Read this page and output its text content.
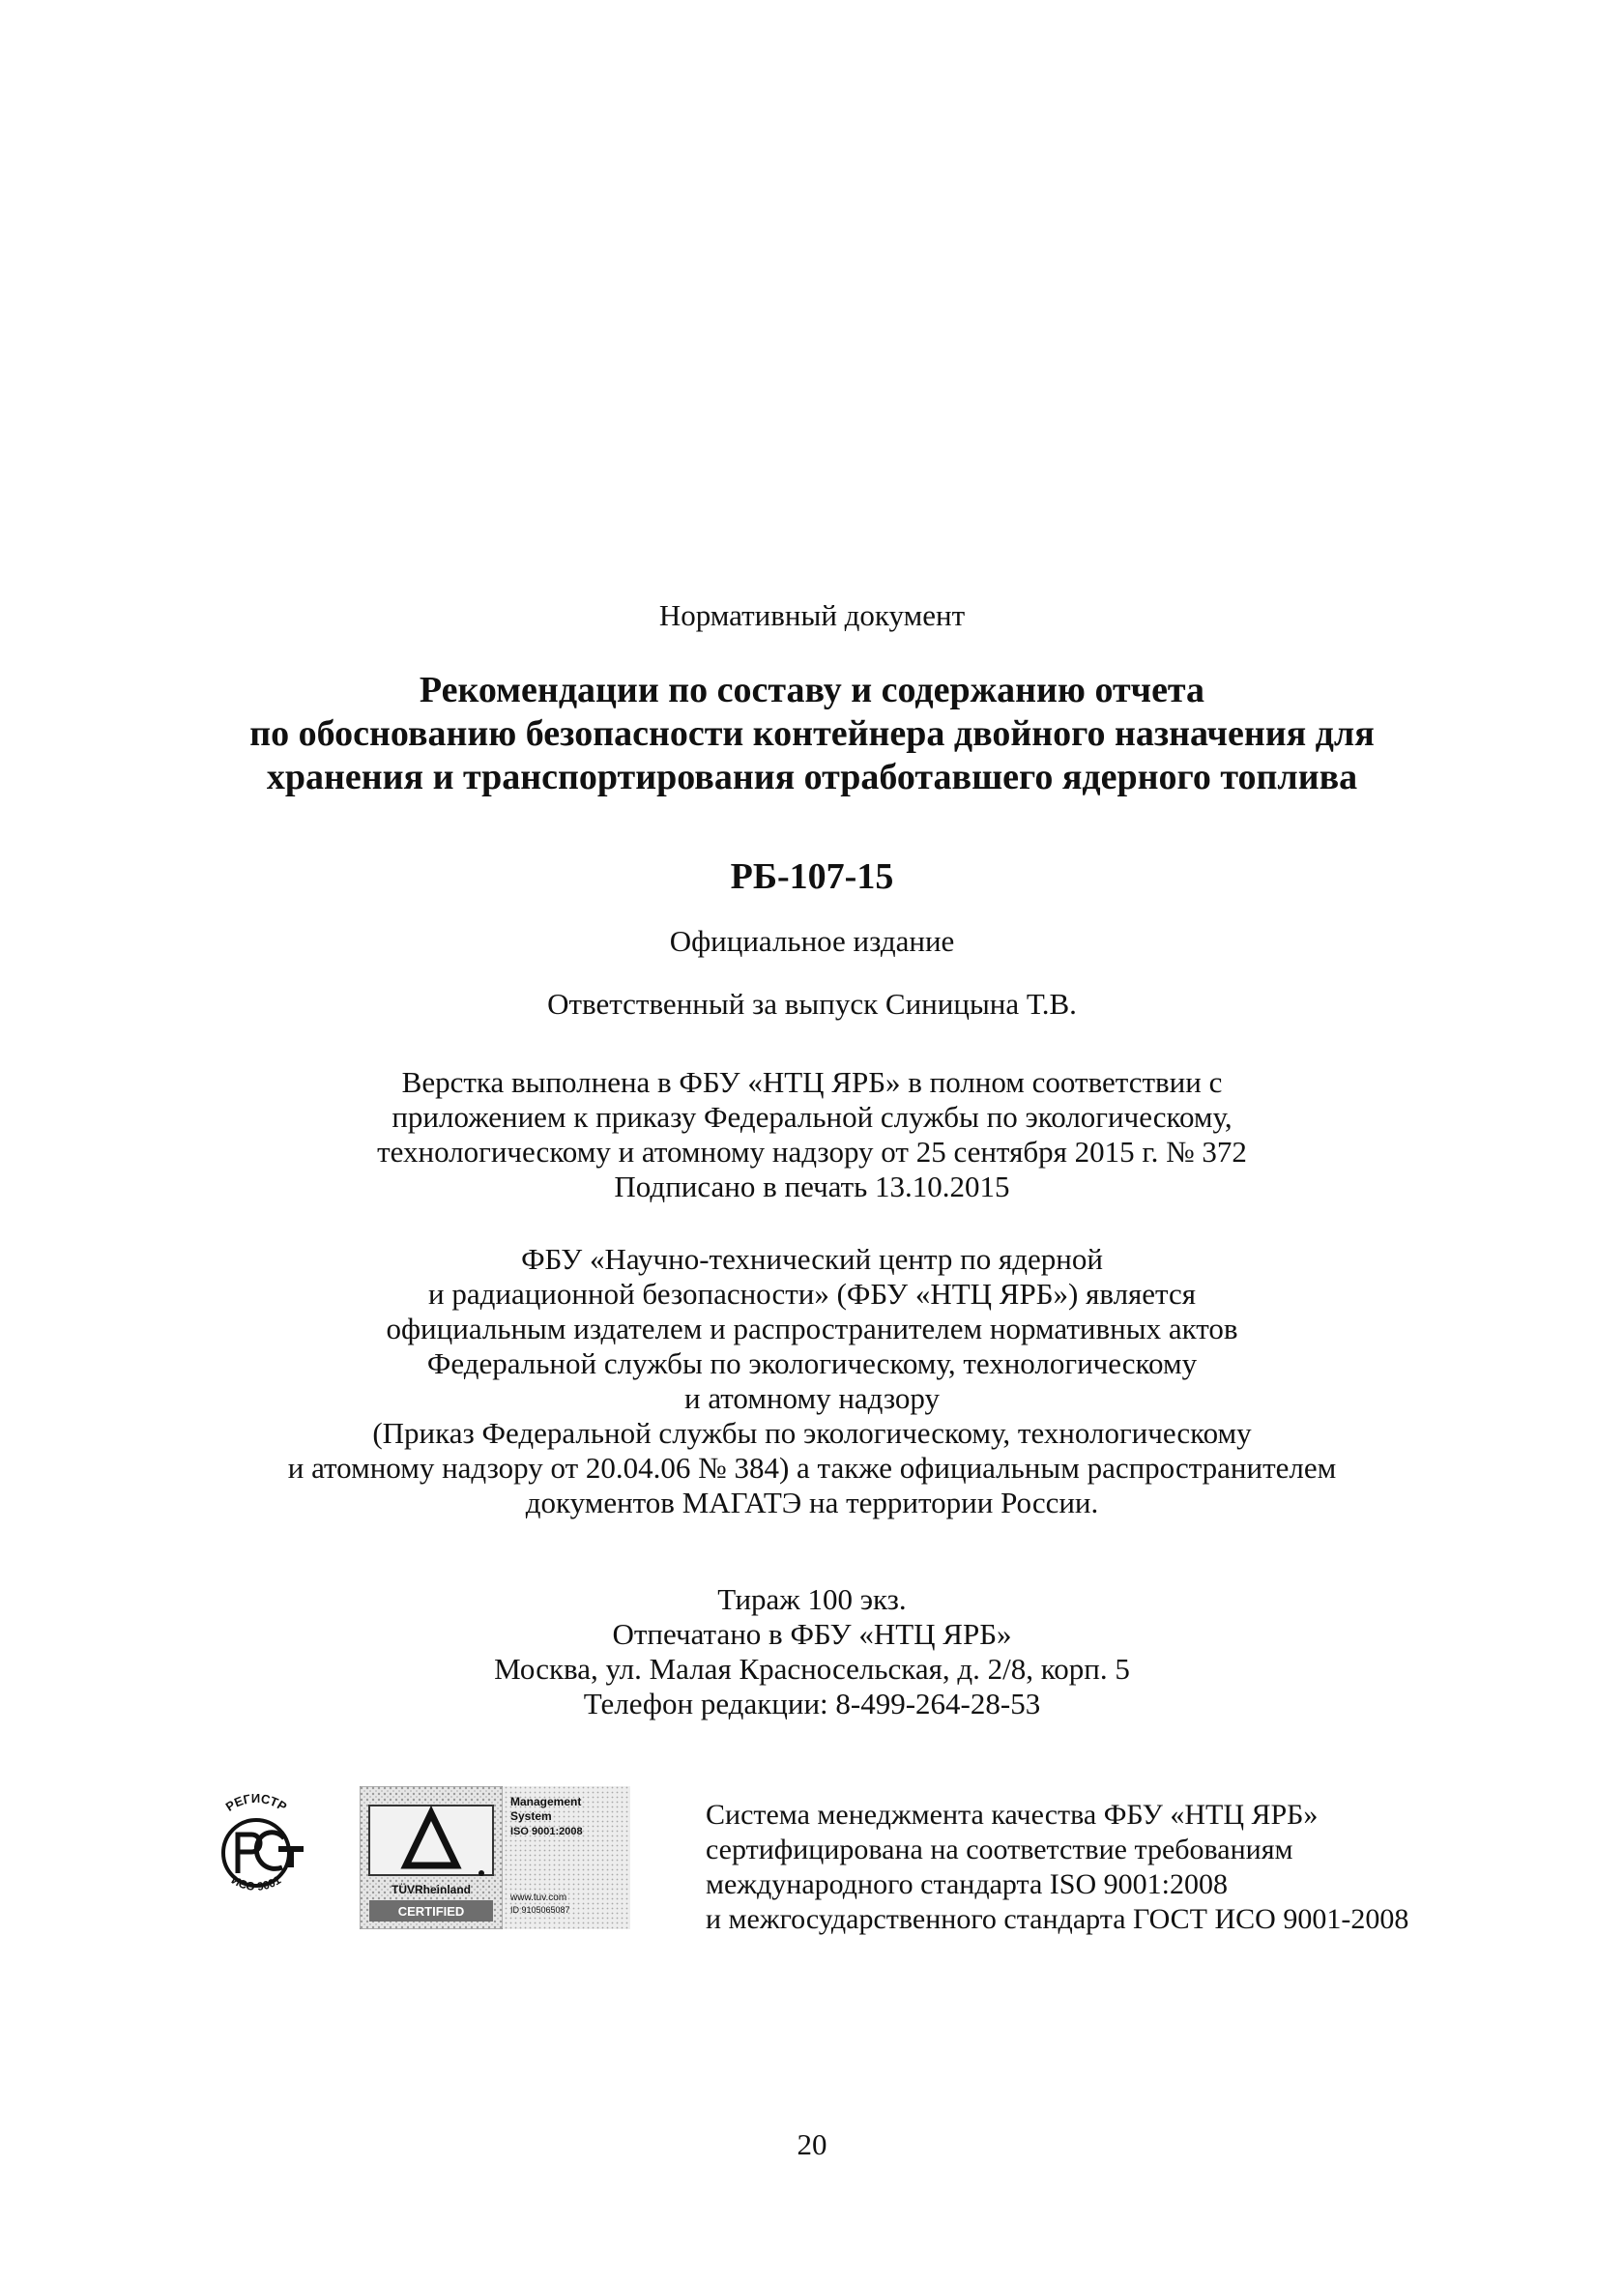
Нормативный документ
Рекомендации по составу и содержанию отчета
по обоснованию безопасности контейнера двойного назначения для
хранения и транспортирования отработавшего ядерного топлива
РБ-107-15
Официальное издание
Ответственный за выпуск Синицына Т.В.
Верстка выполнена в ФБУ «НТЦ ЯРБ» в полном соответствии с
приложением к приказу Федеральной службы по экологическому,
технологическому и атомному надзору от 25 сентября 2015 г. № 372
Подписано в печать 13.10.2015
ФБУ «Научно-технический центр по ядерной
и радиационной безопасности» (ФБУ «НТЦ ЯРБ») является
официальным издателем и распространителем нормативных актов
Федеральной службы по экологическому, технологическому
и атомному надзору
(Приказ Федеральной службы по экологическому, технологическому
и атомному надзору от 20.04.06 № 384) а также официальным распространителем
документов МАГАТЭ на территории России.
Тираж 100 экз.
Отпечатано в ФБУ «НТЦ ЯРБ»
Москва, ул. Малая Красносельская, д. 2/8, корп. 5
Телефон редакции: 8-499-264-28-53
РЕГИСТР
ИСО 9001
TÜVRheinland
CERTIFIED
Management
System
ISO 9001:2008
www.tuv.com
ID 9105065087
Система менеджмента качества ФБУ «НТЦ ЯРБ»
сертифицирована на соответствие требованиям
международного стандарта ISO 9001:2008
и межгосударственного стандарта ГОСТ ИСО 9001-2008
20
